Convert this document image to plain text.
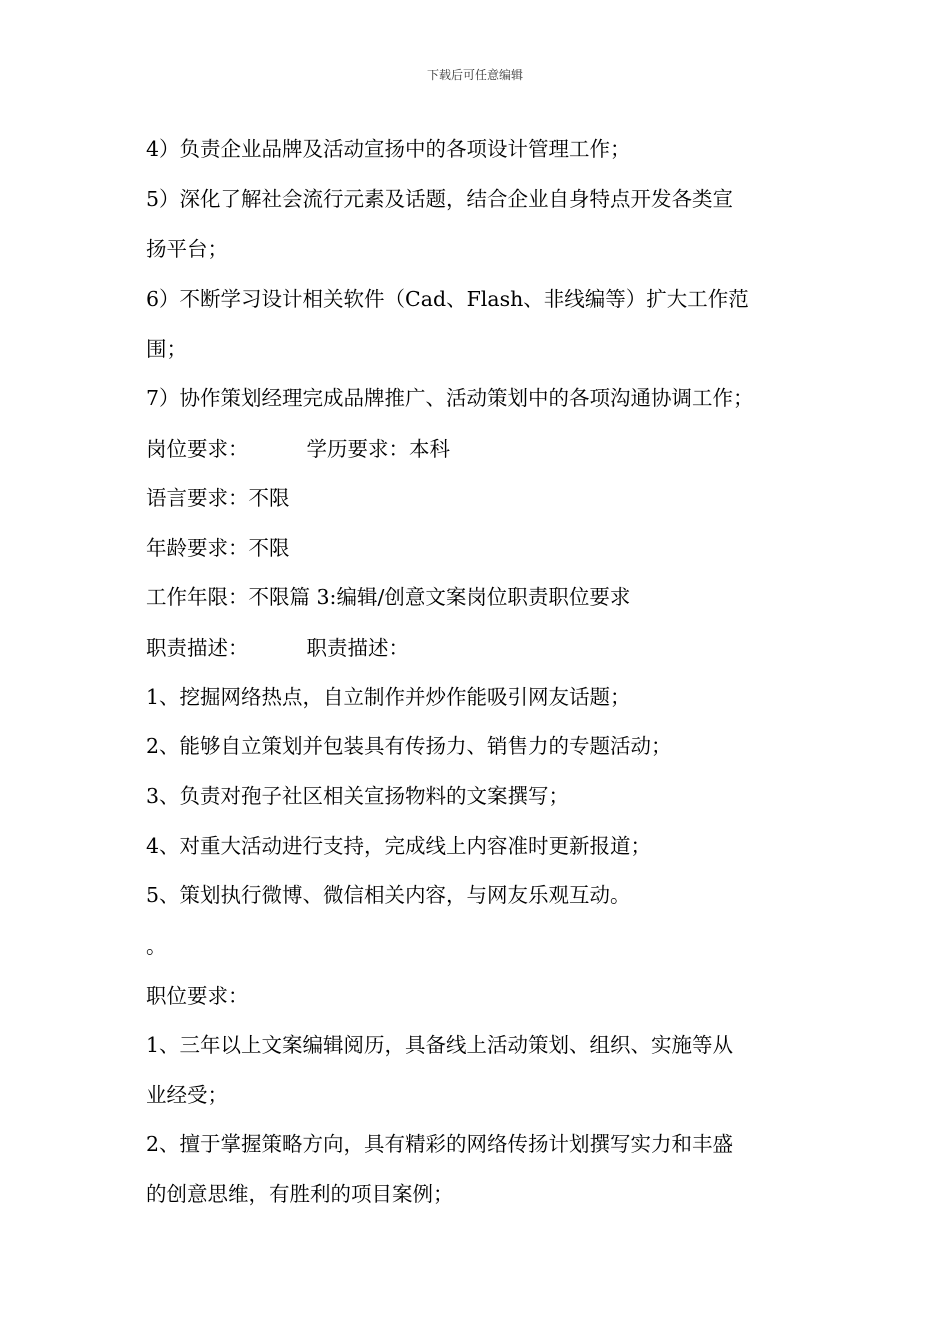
下载后可任意编辑
4）负责企业品牌及活动宣扬中的各项设计管理工作；
5）深化了解社会流行元素及话题，结合企业自身特点开发各类宣
扬平台；
6）不断学习设计相关软件（Cad、Flash、非线编等）扩大工作范
围；
7）协作策划经理完成品牌推广、活动策划中的各项沟通协调工作；
岗位要求：	学历要求：本科
语言要求：不限
年龄要求：不限
工作年限：不限篇 3:编辑/创意文案岗位职责职位要求
职责描述：	职责描述：
1、挖掘网络热点，自立制作并炒作能吸引网友话题；
2、能够自立策划并包装具有传扬力、销售力的专题活动；
3、负责对孢子社区相关宣扬物料的文案撰写；
4、对重大活动进行支持，完成线上内容准时更新报道；
5、策划执行微博、微信相关内容，与网友乐观互动。
。
职位要求：
1、三年以上文案编辑阅历，具备线上活动策划、组织、实施等从
业经受；
2、擅于掌握策略方向，具有精彩的网络传扬计划撰写实力和丰盛
的创意思维，有胜利的项目案例；
